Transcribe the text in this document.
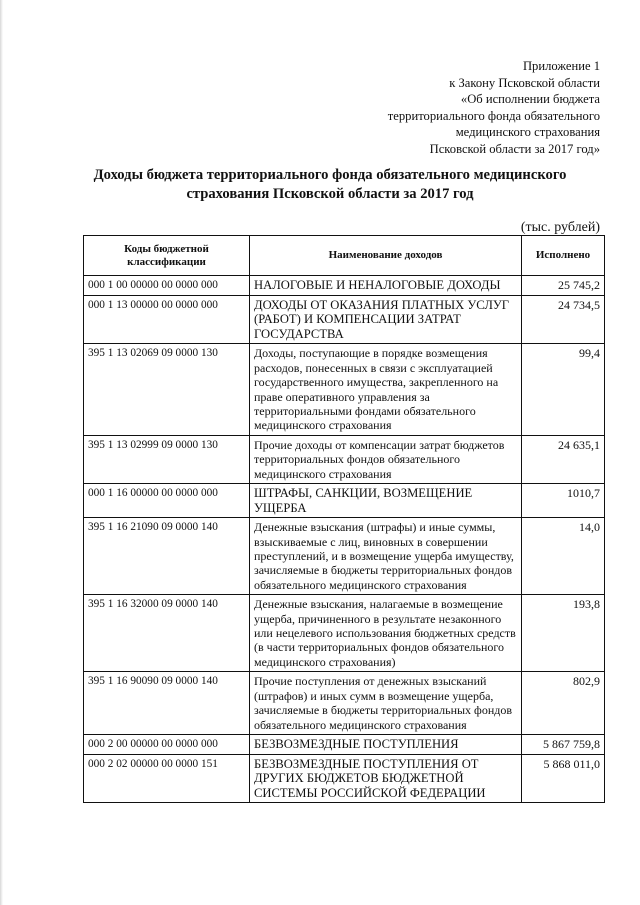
Приложение 1
к Закону Псковской области
«Об исполнении бюджета
территориального фонда обязательного
медицинского страхования
Псковской области за 2017 год»
Доходы бюджета территориального фонда обязательного медицинского
страхования Псковской области за 2017 год
(тыс. рублей)
Коды бюджетной классификации	Наименование доходов	Исполнено
000 1 00 00000 00 0000 000	НАЛОГОВЫЕ И НЕНАЛОГОВЫЕ ДОХОДЫ	25 745,2
000 1 13 00000 00 0000 000	ДОХОДЫ ОТ ОКАЗАНИЯ ПЛАТНЫХ УСЛУГ (РАБОТ) И КОМПЕНСАЦИИ ЗАТРАТ ГОСУДАРСТВА	24 734,5
395 1 13 02069 09 0000 130	Доходы, поступающие в порядке возмещения расходов, понесенных в связи с эксплуатацией государственного имущества, закрепленного на праве оперативного управления за территориальными фондами обязательного медицинского страхования	99,4
395 1 13 02999 09 0000 130	Прочие доходы от компенсации затрат бюджетов территориальных фондов обязательного медицинского страхования	24 635,1
000 1 16 00000 00 0000 000	ШТРАФЫ, САНКЦИИ, ВОЗМЕЩЕНИЕ УЩЕРБА	1010,7
395 1 16 21090 09 0000 140	Денежные взыскания (штрафы) и иные суммы, взыскиваемые с лиц, виновных в совершении преступлений, и в возмещение ущерба имуществу, зачисляемые в бюджеты территориальных фондов обязательного медицинского страхования	14,0
395 1 16 32000 09 0000 140	Денежные взыскания, налагаемые в возмещение ущерба, причиненного в результате незаконного или нецелевого использования бюджетных средств (в части территориальных фондов обязательного медицинского страхования)	193,8
395 1 16 90090 09 0000 140	Прочие поступления от денежных взысканий (штрафов) и иных сумм в возмещение ущерба, зачисляемые в бюджеты территориальных фондов обязательного медицинского страхования	802,9
000 2 00 00000 00 0000 000	БЕЗВОЗМЕЗДНЫЕ ПОСТУПЛЕНИЯ	5 867 759,8
000 2 02 00000 00 0000 151	БЕЗВОЗМЕЗДНЫЕ ПОСТУПЛЕНИЯ ОТ ДРУГИХ БЮДЖЕТОВ БЮДЖЕТНОЙ СИСТЕМЫ РОССИЙСКОЙ ФЕДЕРАЦИИ	5 868 011,0
